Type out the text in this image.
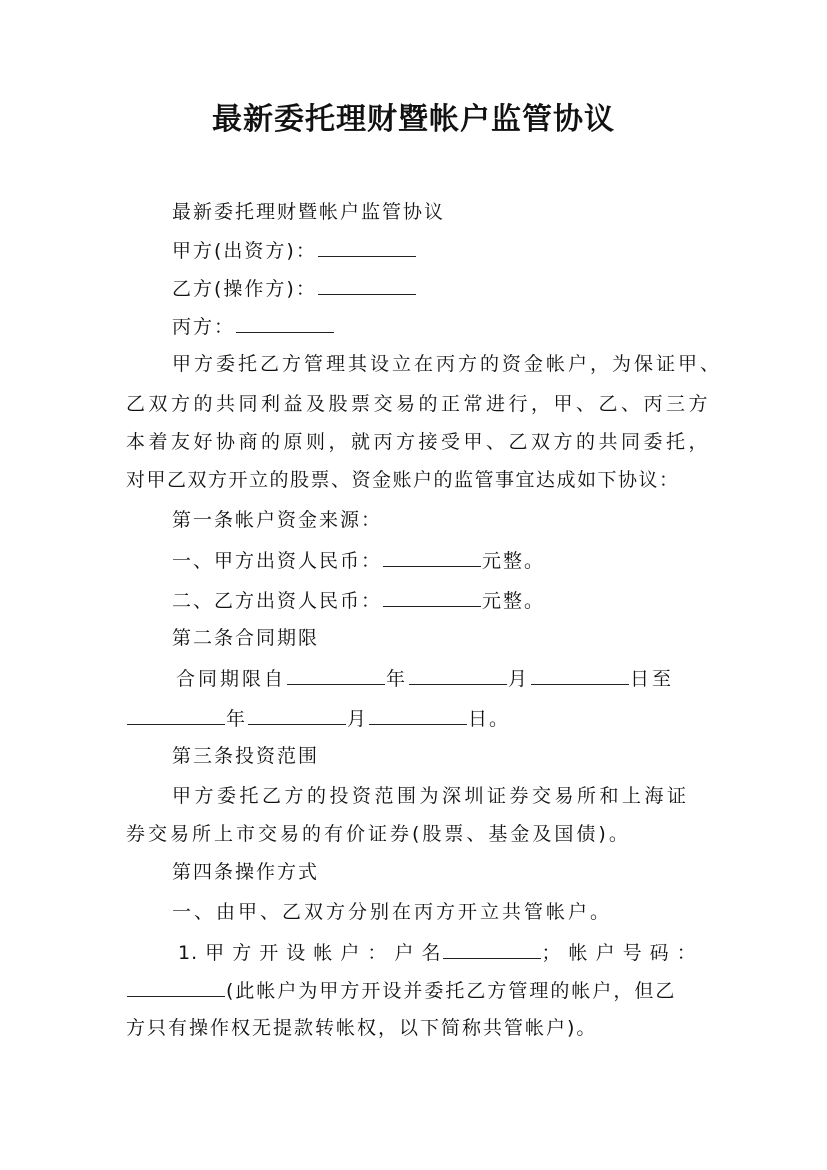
最新委托理财暨帐户监管协议
最新委托理财暨帐户监管协议
甲方(出资方)：
乙方(操作方)：
丙方：
甲方委托乙方管理其设立在丙方的资金帐户，为保证甲、
乙双方的共同利益及股票交易的正常进行，甲、乙、丙三方
本着友好协商的原则，就丙方接受甲、乙双方的共同委托，
对甲乙双方开立的股票、资金账户的监管事宜达成如下协议：
第一条帐户资金来源：
一、甲方出资人民币：	元整。
二、乙方出资人民币：	元整。
第二条合同期限
合同期限自	年	月	日至
年	月	日。
第三条投资范围
甲方委托乙方的投资范围为深圳证券交易所和上海证
券交易所上市交易的有价证券(股票、基金及国债)。
第四条操作方式
一、由甲、乙双方分别在丙方开立共管帐户。
1. 甲 方 开 设 帐 户 ： 户 名	； 帐 户 号 码 ：
(此帐户为甲方开设并委托乙方管理的帐户，但乙
方只有操作权无提款转帐权，以下简称共管帐户)。
